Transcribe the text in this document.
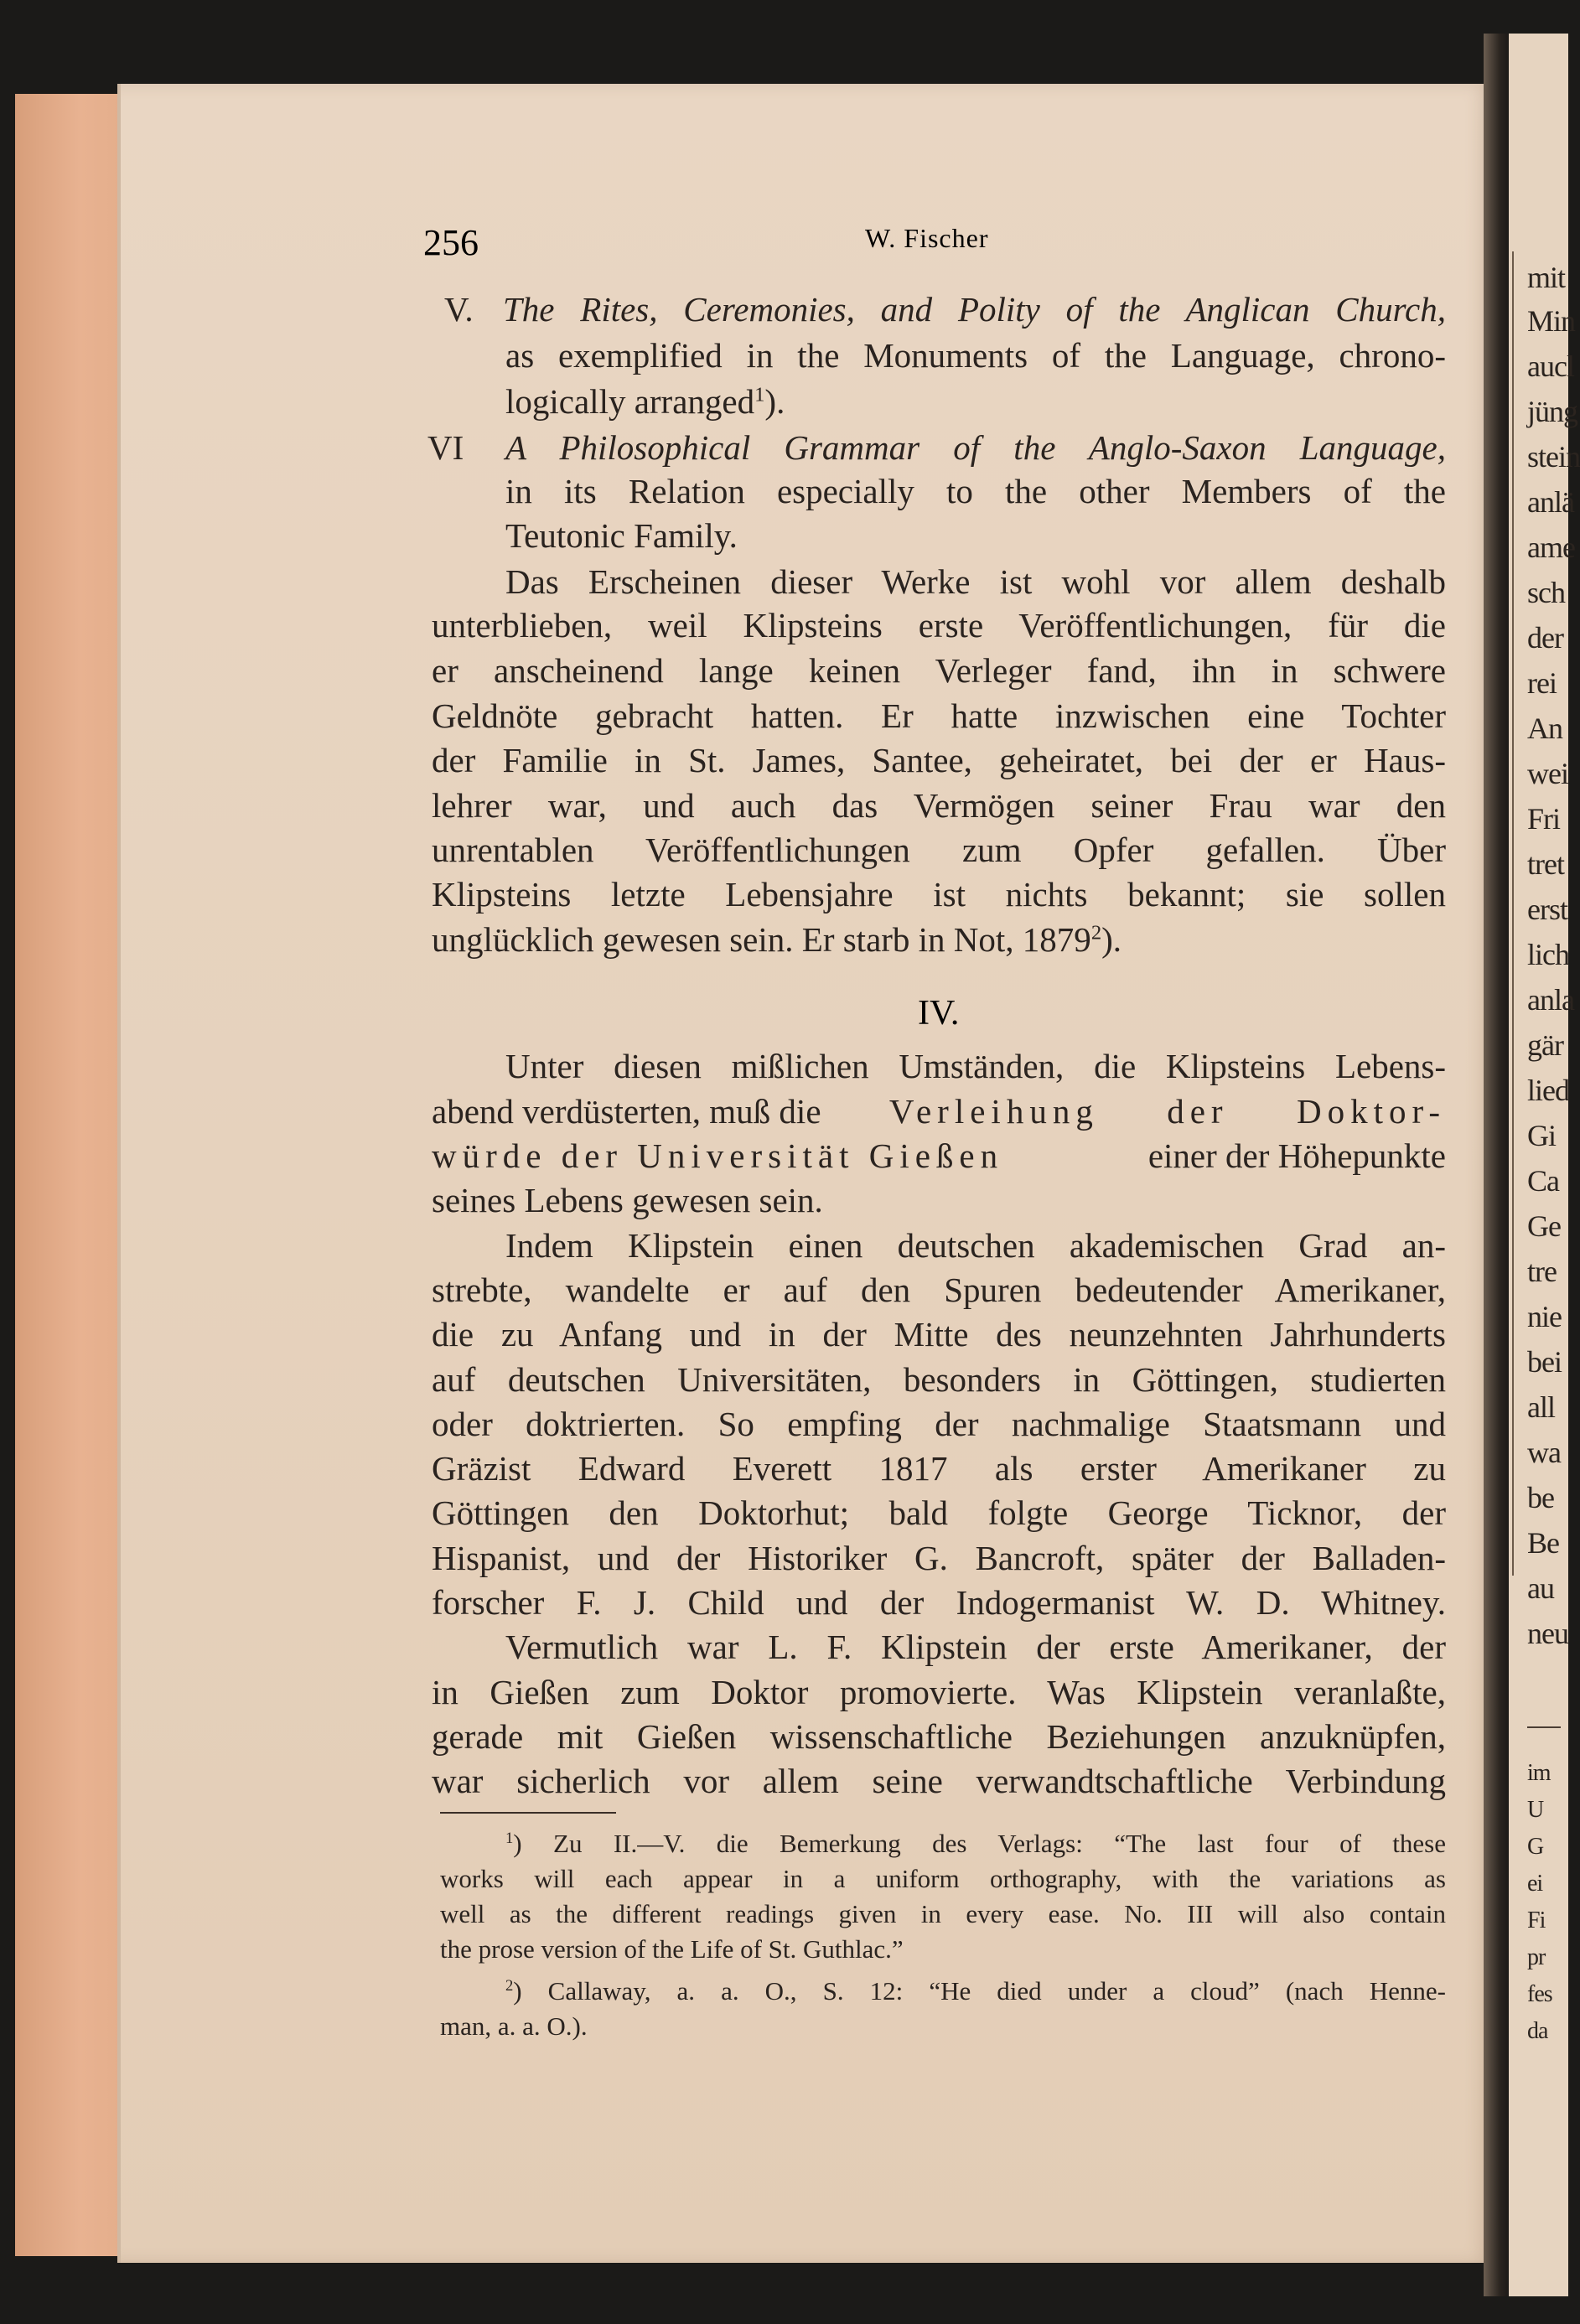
mit
Min
aucl
jüng
stein
anlä
ame
sch
der
rei
An
wei
Fri
tret
erst
lich
anla
gär
lied
Gi
Ca
Ge
tre
nie
bei
all
wa
be
Be
au
neu
im
U
G
ei
Fi
pr
fes
da
256	W. Fischer
V. The Rites, Ceremonies, and Polity of the Anglican Church,
as exemplified in the Monuments of the Language, chrono-
logically arranged$^1$).
VI A Philosophical Grammar of the Anglo-Saxon Language,
in its Relation especially to the other Members of the
Teutonic Family.
Das Erscheinen dieser Werke ist wohl vor allem deshalb
unterblieben, weil Klipsteins erste Veröffentlichungen, für die
er anscheinend lange keinen Verleger fand, ihn in schwere
Geldnöte gebracht hatten. Er hatte inzwischen eine Tochter
der Familie in St. James, Santee, geheiratet, bei der er Haus-
lehrer war, und auch das Vermögen seiner Frau war den
unrentablen Veröffentlichungen zum Opfer gefallen. Über
Klipsteins letzte Lebensjahre ist nichts bekannt; sie sollen
unglücklich gewesen sein. Er starb in Not, 1879$^2$).
IV.
Unter diesen mißlichen Umständen, die Klipsteins Lebens-
abend verdüsterten, muß die Verleihung der Doktor-
würde der Universität Gießen	einer der Höhepunkte
seines Lebens gewesen sein.
Indem Klipstein einen deutschen akademischen Grad an-
strebte, wandelte er auf den Spuren bedeutender Amerikaner,
die zu Anfang und in der Mitte des neunzehnten Jahrhunderts
auf deutschen Universitäten, besonders in Göttingen, studierten
oder doktrierten. So empfing der nachmalige Staatsmann und
Gräzist Edward Everett 1817 als erster Amerikaner zu
Göttingen den Doktorhut; bald folgte George Ticknor, der
Hispanist, und der Historiker G. Bancroft, später der Balladen-
forscher F. J. Child und der Indogermanist W. D. Whitney.
Vermutlich war L. F. Klipstein der erste Amerikaner, der
in Gießen zum Doktor promovierte. Was Klipstein veranlaßte,
gerade mit Gießen wissenschaftliche Beziehungen anzuknüpfen,
war sicherlich vor allem seine verwandtschaftliche Verbindung
$^1$) Zu II.—V. die Bemerkung des Verlags: “The last four of these
works will each appear in a uniform orthography, with the variations as
well as the different readings given in every ease. No. III will also contain
the prose version of the Life of St. Guthlac.”
$^2$) Callaway, a. a. O., S. 12: “He died under a cloud” (nach Henne-
man, a. a. O.).
